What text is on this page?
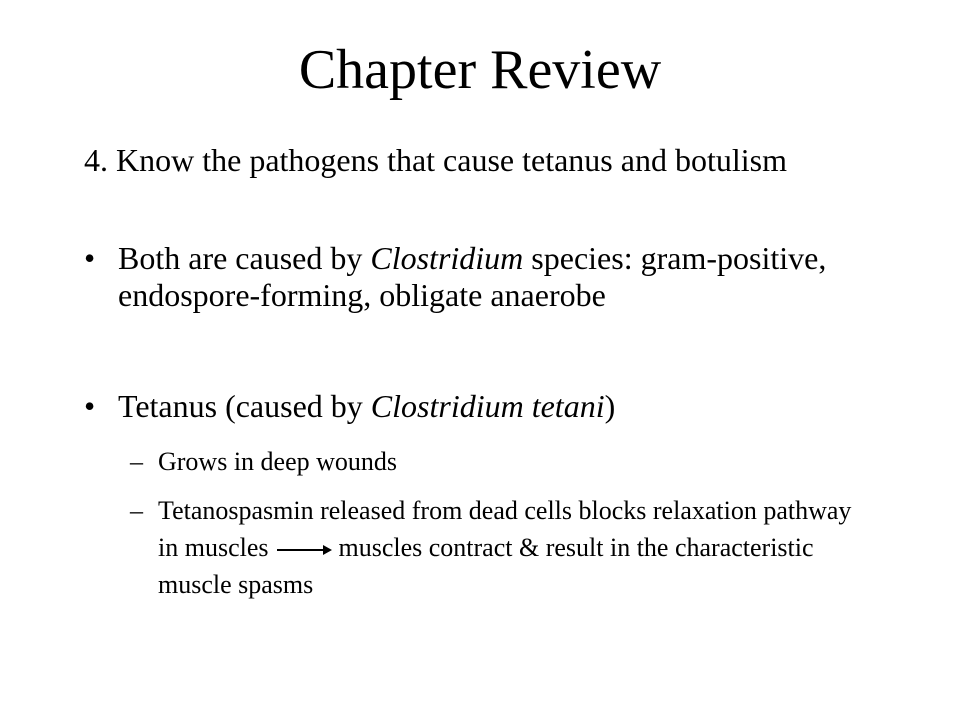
Chapter Review
4. Know the pathogens that cause tetanus and botulism
• Both are caused by Clostridium species: gram-positive, endospore-forming, obligate anaerobe
• Tetanus (caused by Clostridium tetani)
– Grows in deep wounds
– Tetanospasmin released from dead cells blocks relaxation pathway in muscles	muscles contract & result in the characteristic muscle spasms
